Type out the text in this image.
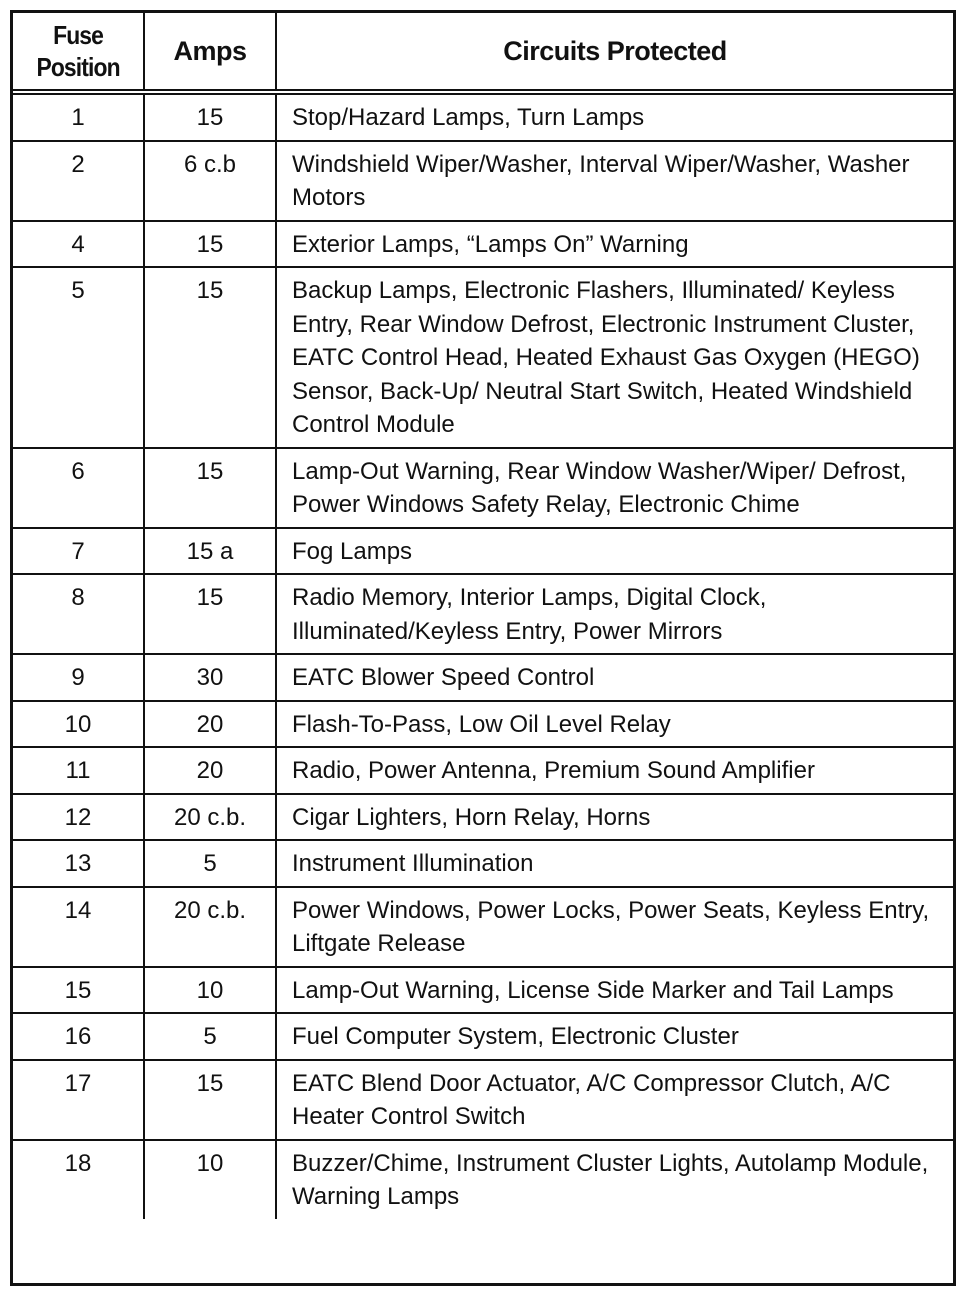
Fuse Position	Amps	Circuits Protected
1	15	Stop/Hazard Lamps, Turn Lamps
2	6 c.b	Windshield Wiper/Washer, Interval Wiper/Washer, Washer Motors
4	15	Exterior Lamps, “Lamps On” Warning
5	15	Backup Lamps, Electronic Flashers, Illuminated/ Keyless Entry, Rear Window Defrost, Electronic Instrument Cluster, EATC Control Head, Heated Exhaust Gas Oxygen (HEGO) Sensor, Back-Up/ Neutral Start Switch, Heated Windshield Control Module
6	15	Lamp-Out Warning, Rear Window Washer/Wiper/ Defrost, Power Windows Safety Relay, Electronic Chime
7	15 a	Fog Lamps
8	15	Radio Memory, Interior Lamps, Digital Clock, Illuminated/Keyless Entry, Power Mirrors
9	30	EATC Blower Speed Control
10	20	Flash-To-Pass, Low Oil Level Relay
11	20	Radio, Power Antenna, Premium Sound Amplifier
12	20 c.b.	Cigar Lighters, Horn Relay, Horns
13	5	Instrument Illumination
14	20 c.b.	Power Windows, Power Locks, Power Seats, Keyless Entry, Liftgate Release
15	10	Lamp-Out Warning, License Side Marker and Tail Lamps
16	5	Fuel Computer System, Electronic Cluster
17	15	EATC Blend Door Actuator, A/C Compressor Clutch, A/C Heater Control Switch
18	10	Buzzer/Chime, Instrument Cluster Lights, Autolamp Module, Warning Lamps
